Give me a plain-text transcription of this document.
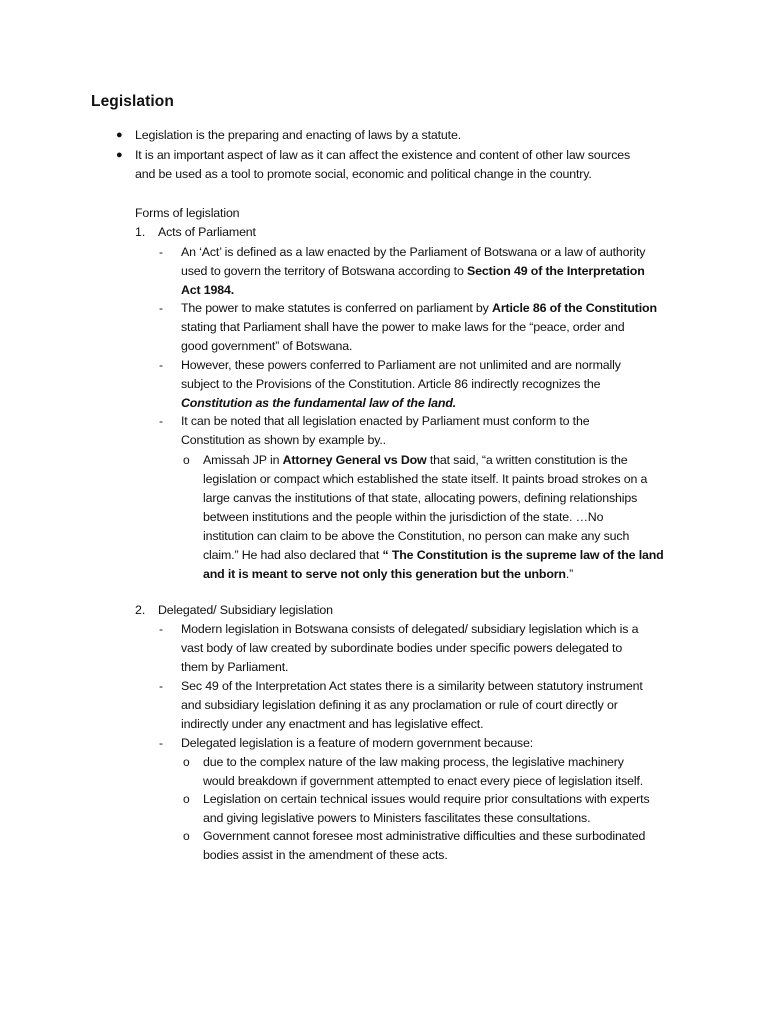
Legislation
● Legislation is the preparing and enacting of laws by a statute.
● It is an important aspect of law as it can affect the existence and content of other law sources
and be used as a tool to promote social, economic and political change in the country.
Forms of legislation
1. Acts of Parliament
- An ‘Act’ is defined as a law enacted by the Parliament of Botswana or a law of authority
used to govern the territory of Botswana according to Section 49 of the Interpretation
Act 1984.
- The power to make statutes is conferred on parliament by Article 86 of the Constitution
stating that Parliament shall have the power to make laws for the “peace, order and
good government” of Botswana.
- However, these powers conferred to Parliament are not unlimited and are normally
subject to the Provisions of the Constitution. Article 86 indirectly recognizes the
Constitution as the fundamental law of the land.
- It can be noted that all legislation enacted by Parliament must conform to the
Constitution as shown by example by..
o Amissah JP in Attorney General vs Dow that said, “a written constitution is the
legislation or compact which established the state itself. It paints broad strokes on a
large canvas the institutions of that state, allocating powers, defining relationships
between institutions and the people within the jurisdiction of the state. …No
institution can claim to be above the Constitution, no person can make any such
claim.” He had also declared that “ The Constitution is the supreme law of the land
and it is meant to serve not only this generation but the unborn.”
2. Delegated/ Subsidiary legislation
- Modern legislation in Botswana consists of delegated/ subsidiary legislation which is a
vast body of law created by subordinate bodies under specific powers delegated to
them by Parliament.
- Sec 49 of the Interpretation Act states there is a similarity between statutory instrument
and subsidiary legislation defining it as any proclamation or rule of court directly or
indirectly under any enactment and has legislative effect.
- Delegated legislation is a feature of modern government because:
o due to the complex nature of the law making process, the legislative machinery
would breakdown if government attempted to enact every piece of legislation itself.
o Legislation on certain technical issues would require prior consultations with experts
and giving legislative powers to Ministers fascilitates these consultations.
o Government cannot foresee most administrative difficulties and these surbodinated
bodies assist in the amendment of these acts.
